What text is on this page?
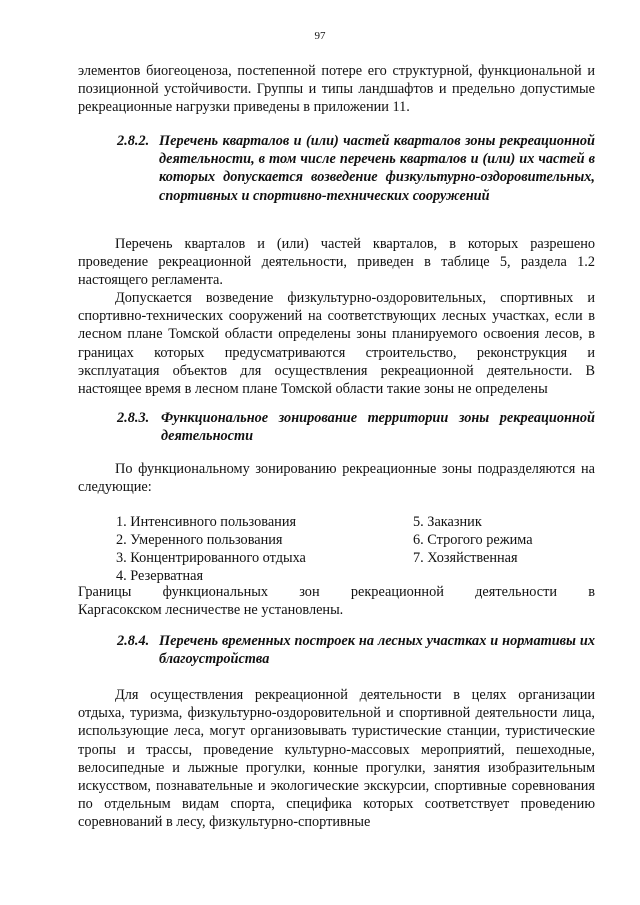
97

элементов биогеоценоза, постепенной потере его структурной, функциональной и позиционной устойчивости. Группы и типы ландшафтов и предельно допустимые рекреационные нагрузки приведены в приложении 11.

2.8.2. Перечень кварталов и (или) частей кварталов зоны рекреационной деятельности, в том числе перечень кварталов и (или) их частей в которых допускается возведение физкультурно-оздоровительных, спортивных и спортивно-технических сооружений

Перечень кварталов и (или) частей кварталов, в которых разрешено проведение рекреационной деятельности, приведен в таблице 5, раздела 1.2 настоящего регламента.

Допускается возведение физкультурно-оздоровительных, спортивных и спортивно-технических сооружений на соответствующих лесных участках, если в лесном плане Томской области определены зоны планируемого освоения лесов, в границах которых предусматриваются строительство, реконструкция и эксплуатация объектов для осуществления рекреационной деятельности. В настоящее время в лесном плане Томской области такие зоны не определены

2.8.3. Функциональное зонирование территории зоны рекреационной деятельности

По функциональному зонированию рекреационные зоны подразделяются на следующие:

1. Интенсивного пользования
2. Умеренного пользования
3. Концентрированного отдыха
4. Резерватная
5. Заказник
6. Строгого режима
7. Хозяйственная
Границы функциональных зон рекреационной деятельности в
Каргасокском лесничестве не установлены.
2.8.4. Перечень временных построек на лесных участках и нормативы их благоустройства

Для осуществления рекреационной деятельности в целях организации отдыха, туризма, физкультурно-оздоровительной и спортивной деятельности лица, использующие леса, могут организовывать туристические станции, туристические тропы и трассы, проведение культурно-массовых мероприятий, пешеходные, велосипедные и лыжные прогулки, конные прогулки, занятия изобразительным искусством, познавательные и экологические экскурсии, спортивные соревнования по отдельным видам спорта, специфика которых соответствует проведению соревнований в лесу, физкультурно-спортивные
